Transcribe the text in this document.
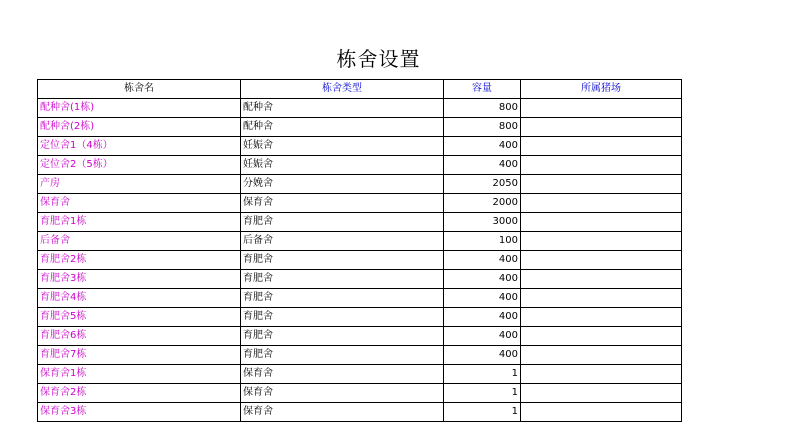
栋舍设置
栋舍名	栋舍类型	容量	所属猪场
配种舍(1栋)	配种舍	800	
配种舍(2栋)	配种舍	800	
定位舍1（4栋）	妊娠舍	400	
定位舍2（5栋）	妊娠舍	400	
产房	分娩舍	2050	
保育舍	保育舍	2000	
育肥舍1栋	育肥舍	3000	
后备舍	后备舍	100	
育肥舍2栋	育肥舍	400	
育肥舍3栋	育肥舍	400	
育肥舍4栋	育肥舍	400	
育肥舍5栋	育肥舍	400	
育肥舍6栋	育肥舍	400	
育肥舍7栋	育肥舍	400	
保育舍1栋	保育舍	1	
保育舍2栋	保育舍	1	
保育舍3栋	保育舍	1	
